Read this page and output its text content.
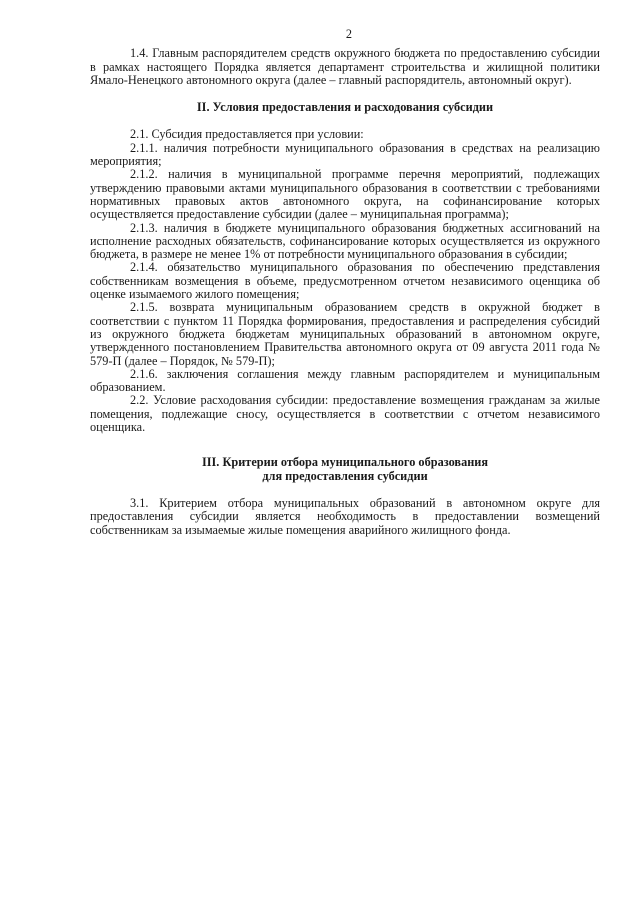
2

1.4. Главным распорядителем средств окружного бюджета по предоставлению субсидии в рамках настоящего Порядка является департамент строительства и жилищной политики Ямало-Ненецкого автономного округа (далее – главный распорядитель, автономный округ).

II. Условия предоставления и расходования субсидии

2.1. Субсидия предоставляется при условии:

2.1.1. наличия потребности муниципального образования в средствах на реализацию мероприятия;

2.1.2. наличия в муниципальной программе перечня мероприятий, подлежащих утверждению правовыми актами муниципального образования в соответствии с требованиями нормативных правовых актов автономного округа, на софинансирование которых осуществляется предоставление субсидии (далее – муниципальная программа);

2.1.3. наличия в бюджете муниципального образования бюджетных ассигнований на исполнение расходных обязательств, софинансирование которых осуществляется из окружного бюджета, в размере не менее 1% от потребности муниципального образования в субсидии;

2.1.4. обязательство муниципального образования по обеспечению представления собственникам возмещения в объеме, предусмотренном отчетом независимого оценщика об оценке изымаемого жилого помещения;

2.1.5. возврата муниципальным образованием средств в окружной бюджет в соответствии с пунктом 11 Порядка формирования, предоставления и распределения субсидий из окружного бюджета бюджетам муниципальных образований в автономном округе, утвержденного постановлением Правительства автономного округа от 09 августа 2011 года № 579-П (далее – Порядок, № 579-П);

2.1.6. заключения соглашения между главным распорядителем и муниципальным образованием.

2.2. Условие расходования субсидии: предоставление возмещения гражданам за жилые помещения, подлежащие сносу, осуществляется в соответствии с отчетом независимого оценщика.

III. Критерии отбора муниципального образования
для предоставления субсидии

3.1. Критерием отбора муниципальных образований в автономном округе для предоставления субсидии является необходимость в предоставлении возмещений собственникам за изымаемые жилые помещения аварийного жилищного фонда.
